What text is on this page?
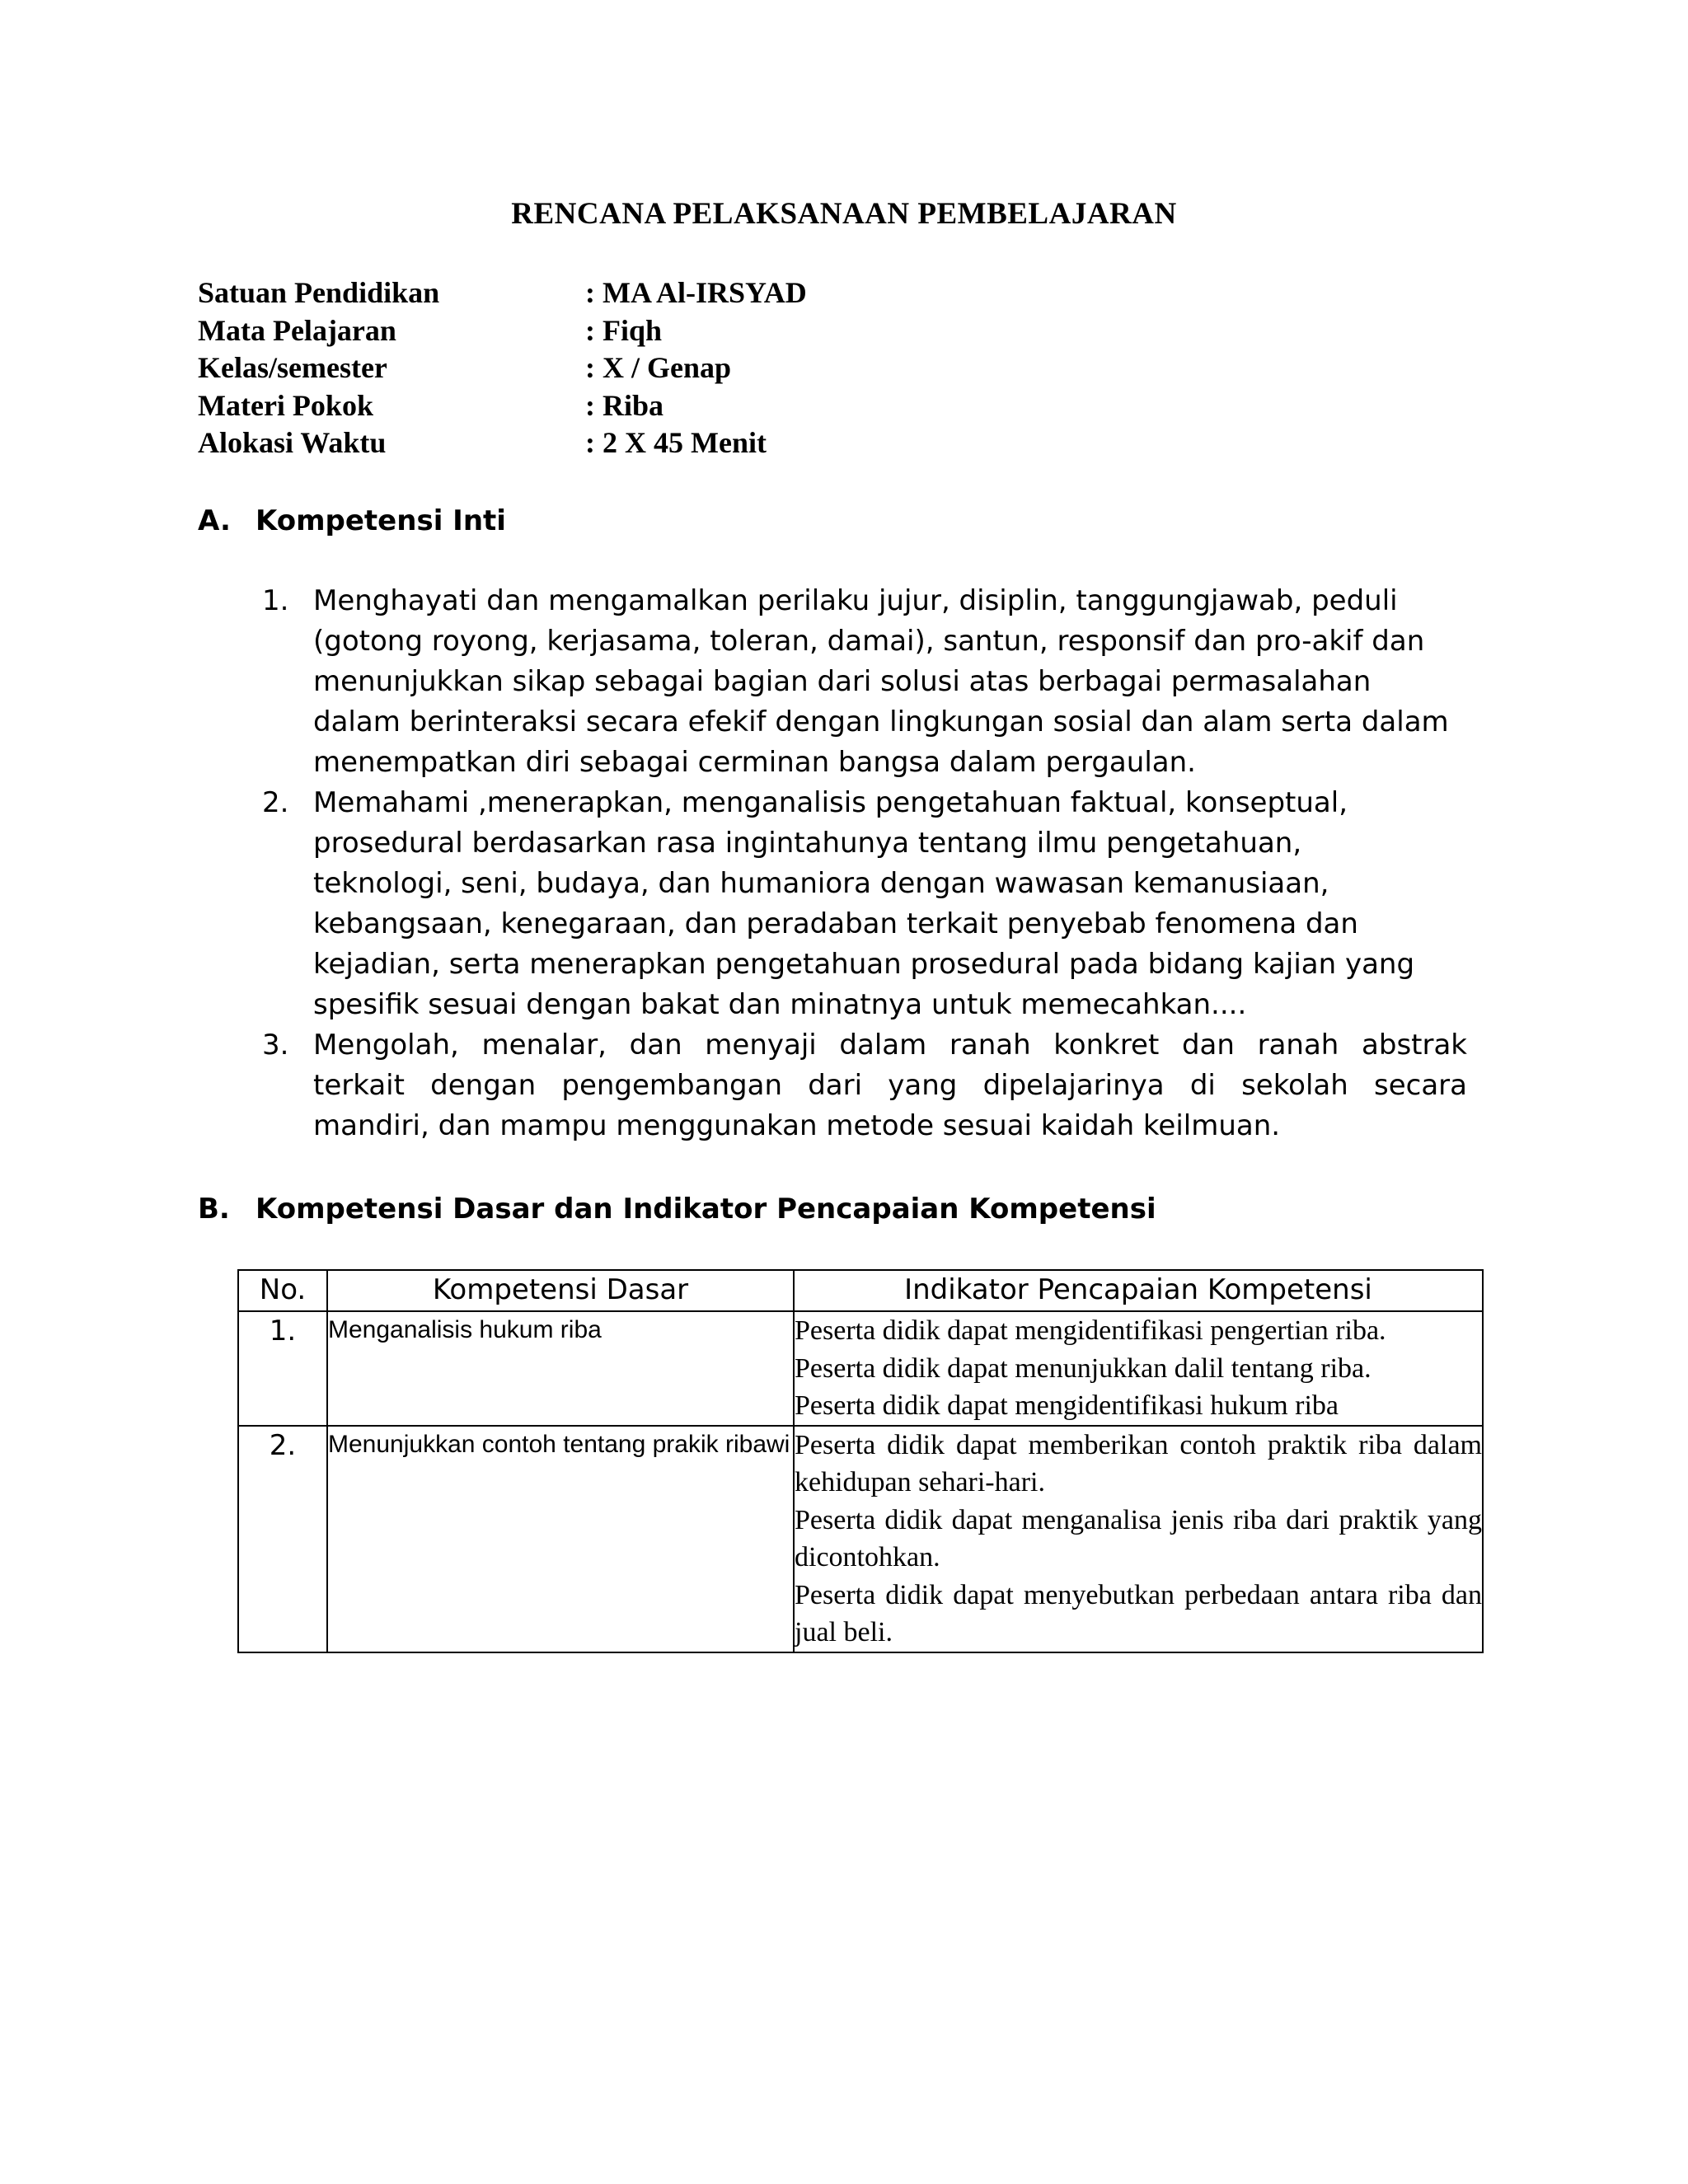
RENCANA PELAKSANAAN PEMBELAJARAN
Satuan Pendidikan	: MA Al-IRSYAD
Mata Pelajaran	: Fiqh
Kelas/semester	: X / Genap
Materi Pokok	: Riba
Alokasi Waktu	: 2 X 45 Menit
A. Kompetensi Inti
1. Menghayati dan mengamalkan perilaku jujur, disiplin, tanggungjawab, peduli
(gotong royong, kerjasama, toleran, damai), santun, responsif dan pro-akif dan
menunjukkan sikap sebagai bagian dari solusi atas berbagai permasalahan
dalam berinteraksi secara efekif dengan lingkungan sosial dan alam serta dalam
menempatkan diri sebagai cerminan bangsa dalam pergaulan.
2. Memahami ,menerapkan, menganalisis pengetahuan faktual, konseptual,
prosedural berdasarkan rasa ingintahunya tentang ilmu pengetahuan,
teknologi, seni, budaya, dan humaniora dengan wawasan kemanusiaan,
kebangsaan, kenegaraan, dan peradaban terkait penyebab fenomena dan
kejadian, serta menerapkan pengetahuan prosedural pada bidang kajian yang
spesifik sesuai dengan bakat dan minatnya untuk memecahkan....
3. Mengolah, menalar, dan menyaji dalam ranah konkret dan ranah abstrak
terkait dengan pengembangan dari yang dipelajarinya di sekolah secara
mandiri, dan mampu menggunakan metode sesuai kaidah keilmuan.
B. Kompetensi Dasar dan Indikator Pencapaian Kompetensi
No.	Kompetensi Dasar	Indikator Pencapaian Kompetensi
1.	Menganalisis hukum riba	Peserta didik dapat mengidentifikasi pengertian riba.
Peserta didik dapat menunjukkan dalil tentang riba.
Peserta didik dapat mengidentifikasi hukum riba

2.	Menunjukkan contoh tentang prakik ribawi	Peserta didik dapat memberikan contoh praktik riba dalam kehidupan sehari-hari.
Peserta didik dapat menganalisa jenis riba dari praktik yang dicontohkan.
Peserta didik dapat menyebutkan perbedaan antara riba dan jual beli.
